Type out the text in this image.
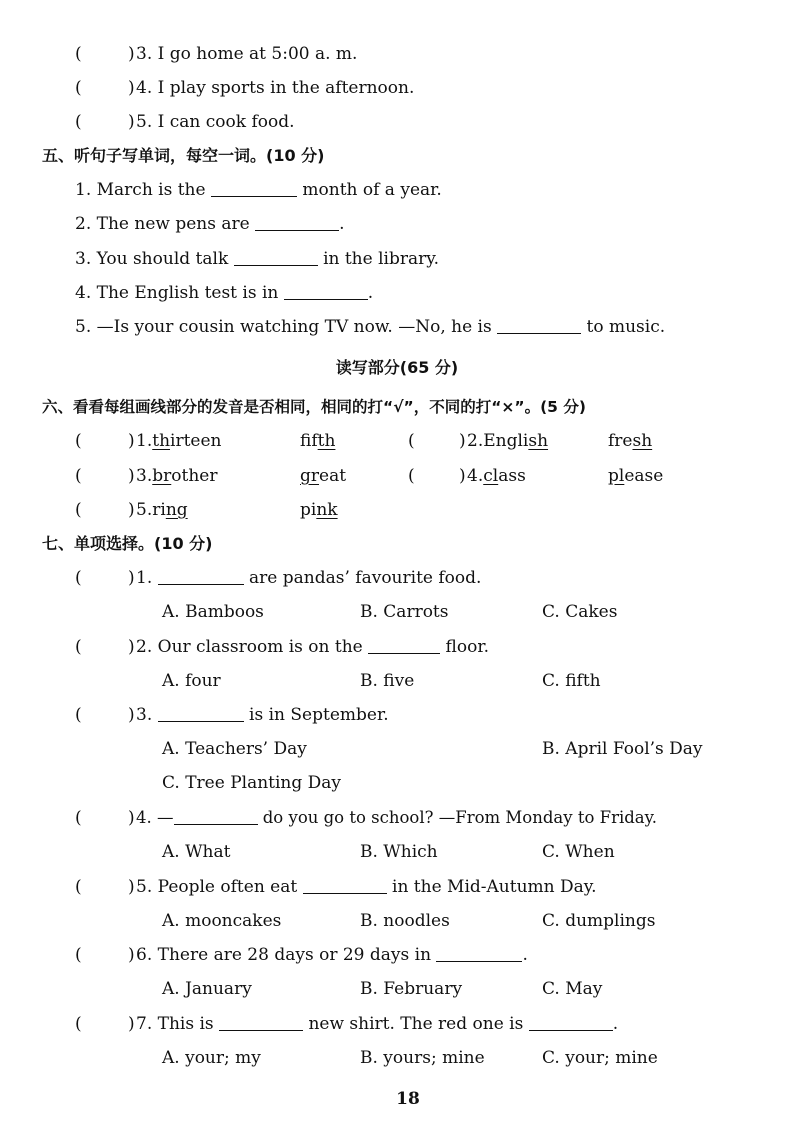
(	) 3. I go home at 5:00 a. m.
(	) 4. I play sports in the afternoon.
(	) 5. I can cook food.
五、听句子写单词，每空一词。(10 分)
1. March is the	month of a year.
2. The new pens are	.
3. You should talk	in the library.
4. The English test is in	.
5. —Is your cousin watching TV now. —No, he is	to music.
读写部分(65 分)
六、看看每组画线部分的发音是否相同，相同的打“√”，不同的打“×”。(5 分)
(	) 1.thirteen	fifth	(	) 2.English	fresh
(	) 3.brother	great	(	) 4.class	please
(	) 5.ring	pink
七、单项选择。(10 分)
(	) 1.	are pandas’ favourite food.
A. Bamboos	B. Carrots	C. Cakes
(	) 2. Our classroom is on the	floor.
A. four	B. five	C. fifth
(	) 3.	is in September.
A. Teachers’ Day	B. April Fool’s Day
C. Tree Planting Day
(	) 4. —	do you go to school? —From Monday to Friday.
A. What	B. Which	C. When
(	) 5. People often eat	in the Mid-Autumn Day.
A. mooncakes	B. noodles	C. dumplings
(	) 6. There are 28 days or 29 days in	.
A. January	B. February	C. May
(	) 7. This is	new shirt. The red one is	.
A. your; my	B. yours; mine	C. your; mine
18
